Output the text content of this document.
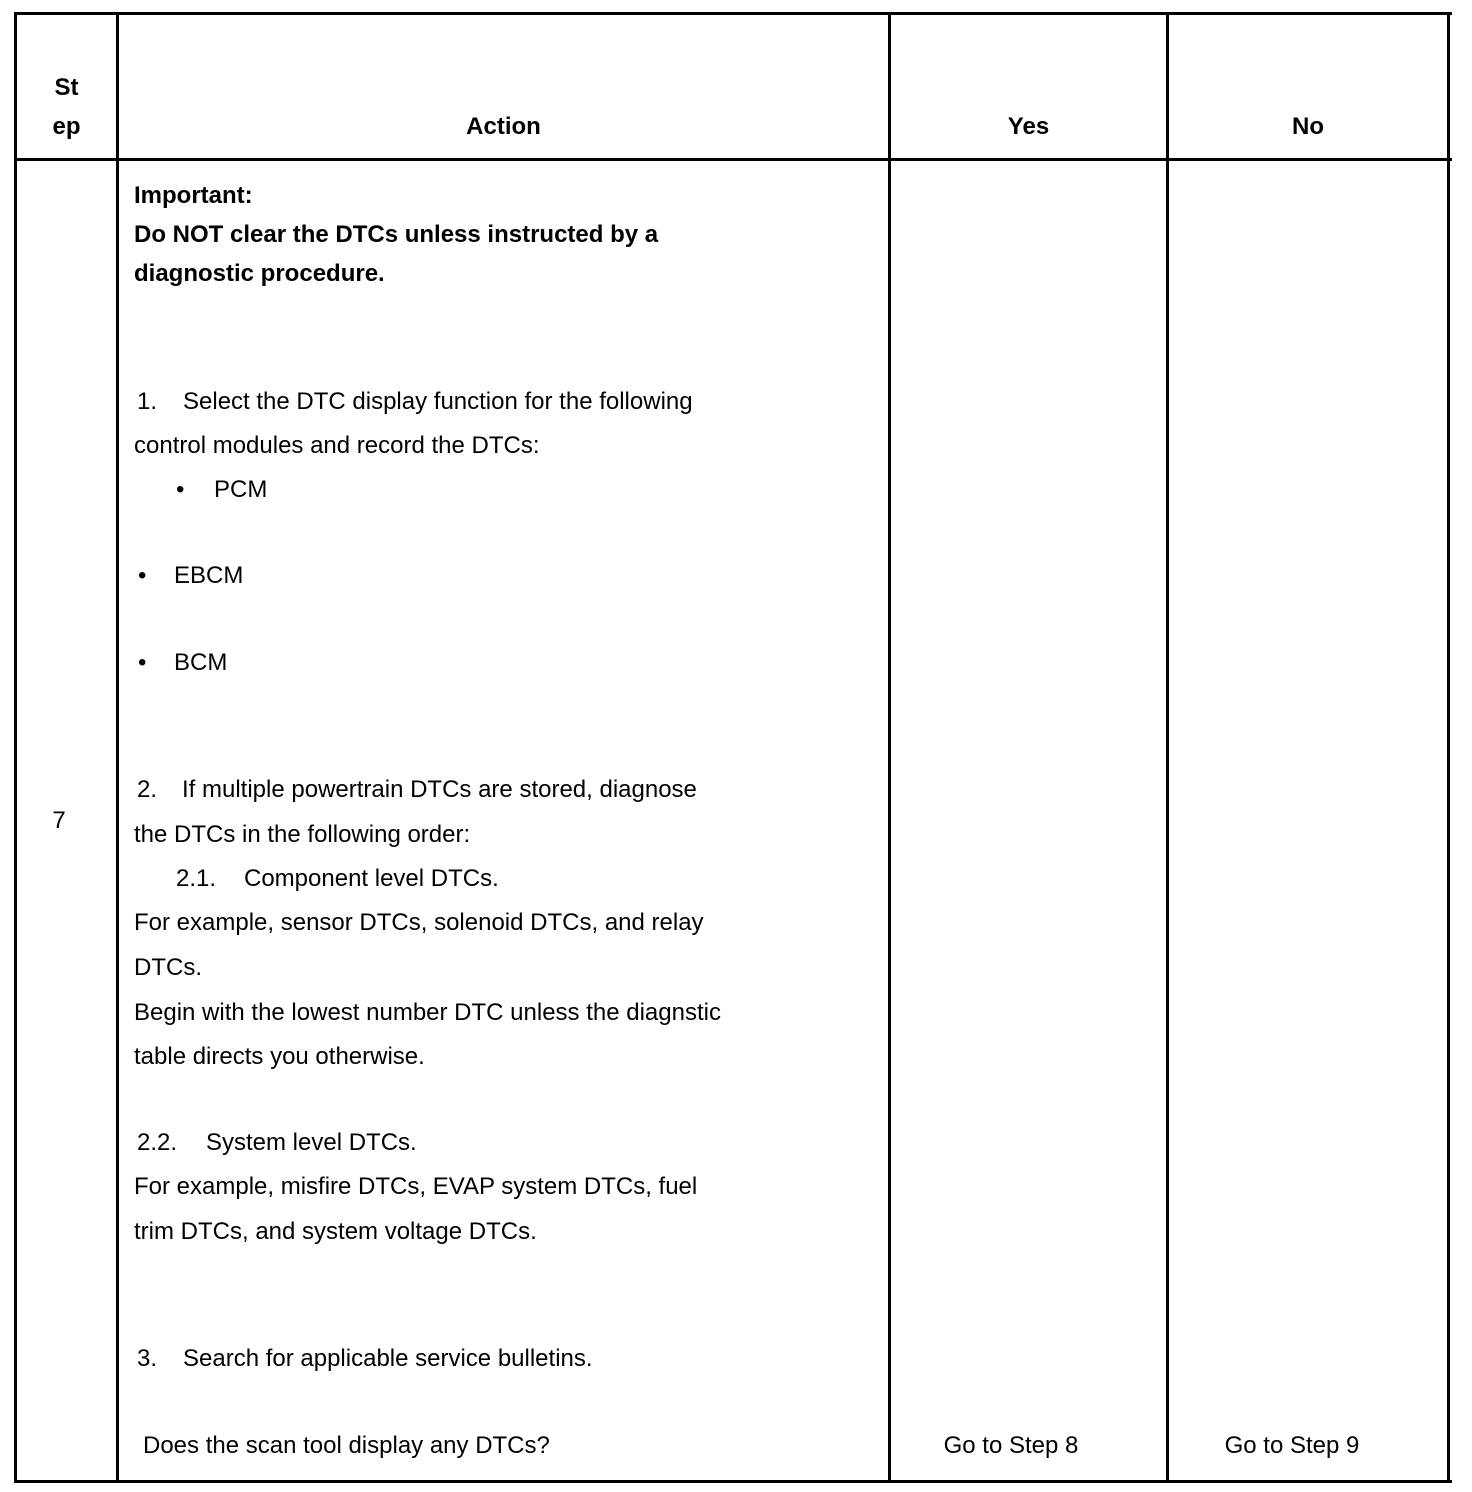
St
ep	Action	Yes	No
7
Important:
Do NOT clear the DTCs unless instructed by a
diagnostic procedure.
1. Select the DTC display function for the following
control modules and record the DTCs:
• PCM
• EBCM
• BCM
2. If multiple powertrain DTCs are stored, diagnose
the DTCs in the following order:
2.1. Component level DTCs.
For example, sensor DTCs, solenoid DTCs, and relay
DTCs.
Begin with the lowest number DTC unless the diagnstic
table directs you otherwise.
2.2. System level DTCs.
For example, misfire DTCs, EVAP system DTCs, fuel
trim DTCs, and system voltage DTCs.
3. Search for applicable service bulletins.
Does the scan tool display any DTCs?	Go to Step 8	Go to Step 9
